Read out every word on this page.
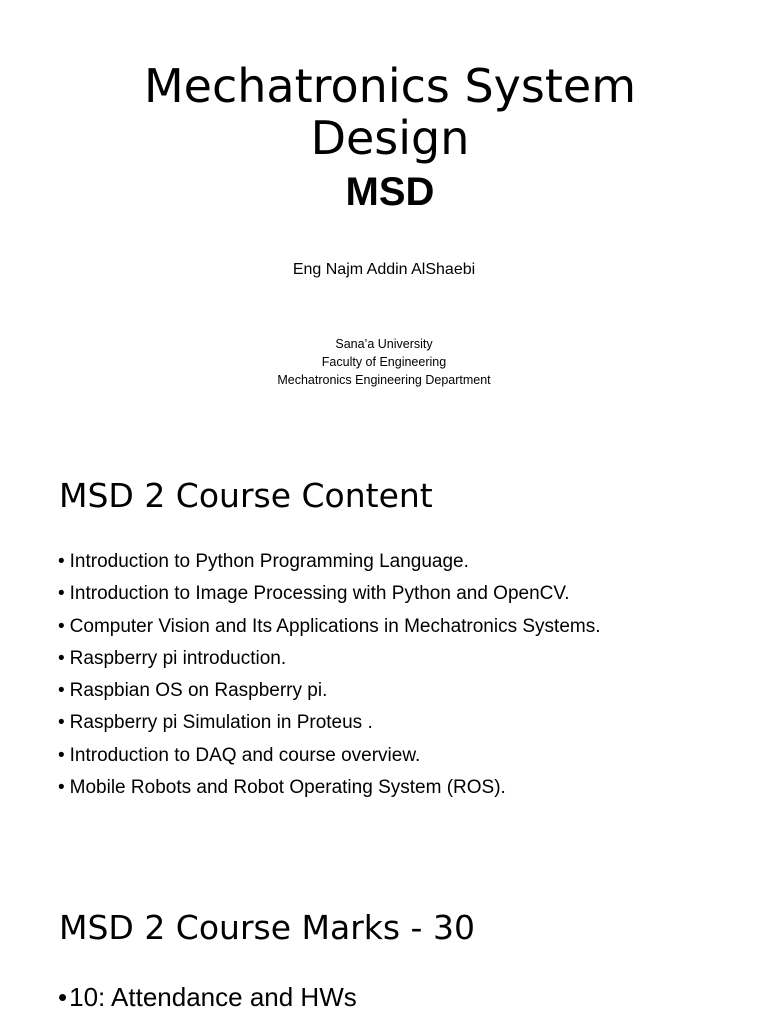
Mechatronics System
Design
MSD
Eng Najm Addin AlShaebi
Sana’a University
Faculty of Engineering
Mechatronics Engineering Department
MSD 2 Course Content
• Introduction to Python Programming Language.
• Introduction to Image Processing with Python and OpenCV.
• Computer Vision and Its Applications in Mechatronics Systems.
• Raspberry pi introduction.
• Raspbian OS on Raspberry pi.
• Raspberry pi Simulation in Proteus .
• Introduction to DAQ and course overview.
• Mobile Robots and Robot Operating System (ROS).
MSD 2 Course Marks - 30
•10: Attendance and HWs
